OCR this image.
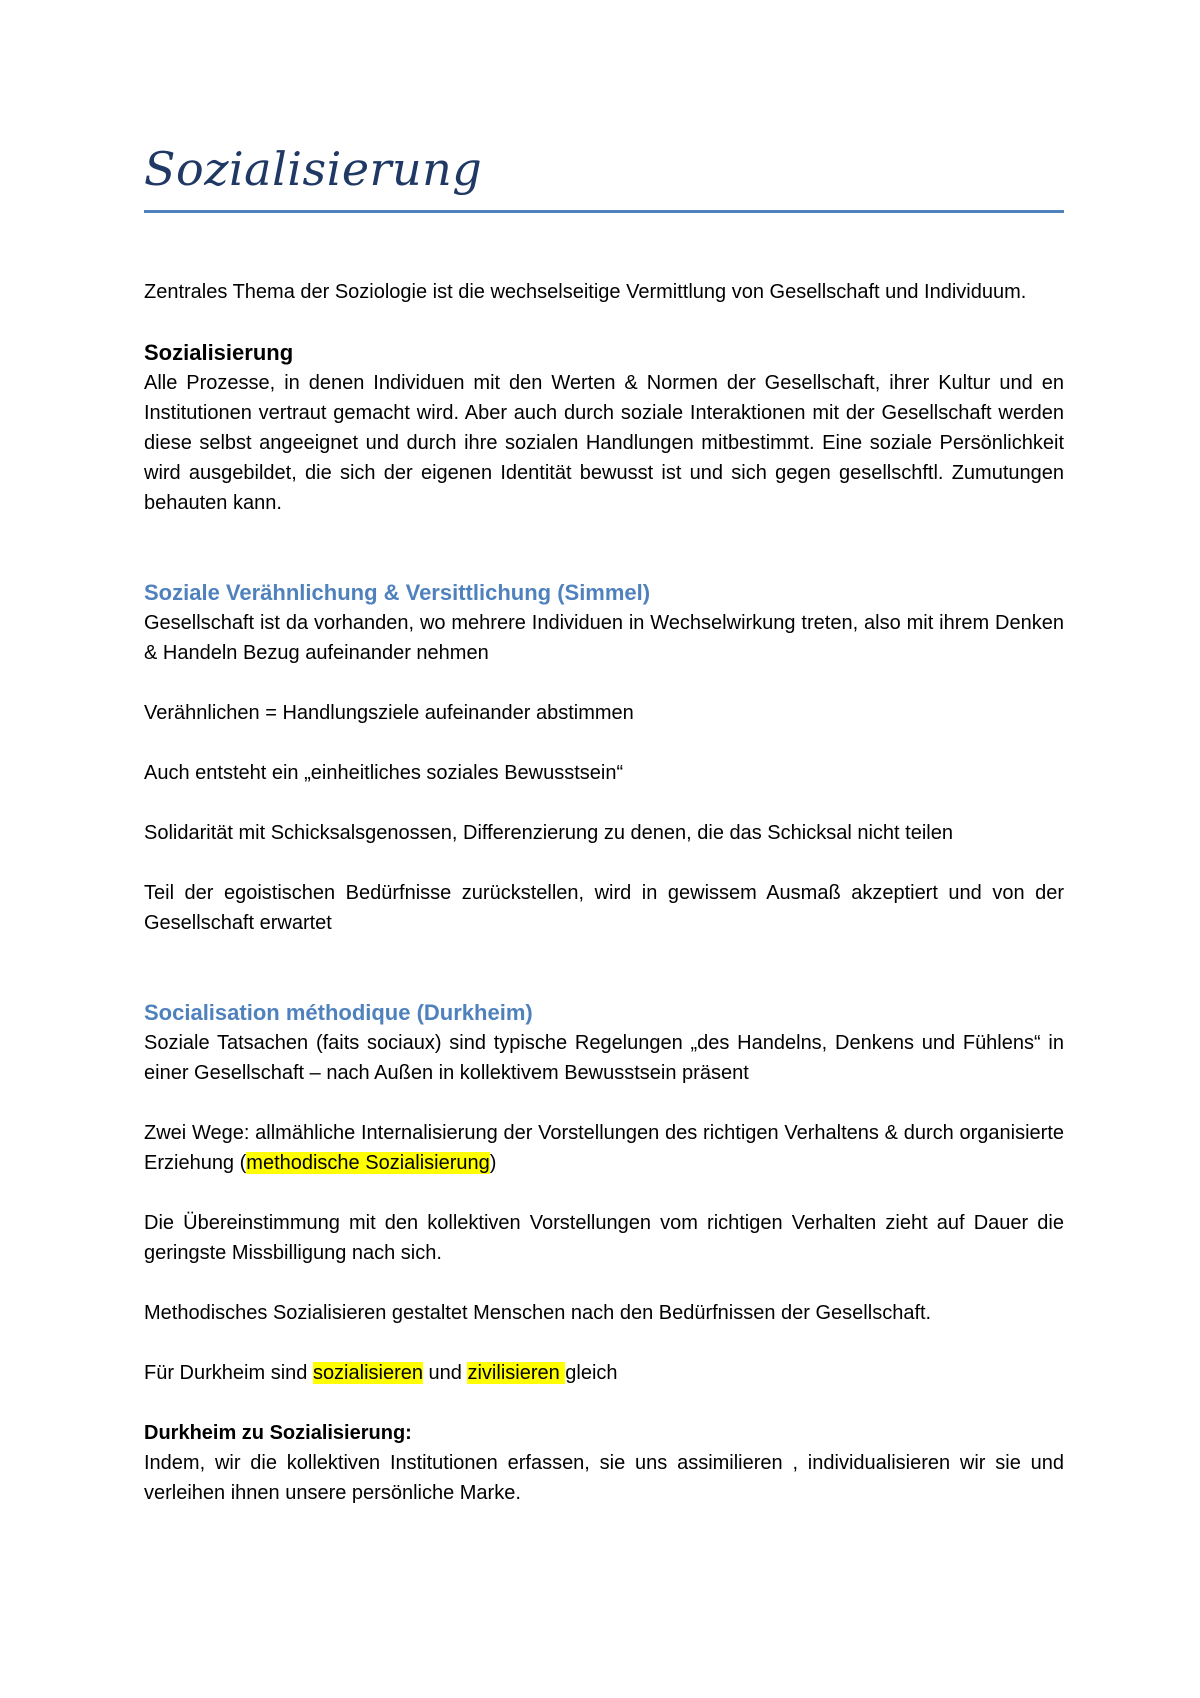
Sozialisierung

Zentrales Thema der Soziologie ist die wechselseitige Vermittlung von Gesellschaft und Individuum.

Sozialisierung

Alle Prozesse, in denen Individuen mit den Werten & Normen der Gesellschaft, ihrer Kultur und en Institutionen vertraut gemacht wird. Aber auch durch soziale Interaktionen mit der Gesellschaft werden diese selbst angeeignet und durch ihre sozialen Handlungen mitbestimmt. Eine soziale Persönlichkeit wird ausgebildet, die sich der eigenen Identität bewusst ist und sich gegen gesellschftl. Zumutungen behauten kann.

Soziale Verähnlichung & Versittlichung (Simmel)

Gesellschaft ist da vorhanden, wo mehrere Individuen in Wechselwirkung treten, also mit ihrem Denken & Handeln Bezug aufeinander nehmen

Verähnlichen = Handlungsziele aufeinander abstimmen

Auch entsteht ein „einheitliches soziales Bewusstsein“

Solidarität mit Schicksalsgenossen, Differenzierung zu denen, die das Schicksal nicht teilen

Teil der egoistischen Bedürfnisse zurückstellen, wird in gewissem Ausmaß akzeptiert und von der Gesellschaft erwartet

Socialisation méthodique (Durkheim)

Soziale Tatsachen (faits sociaux) sind typische Regelungen „des Handelns, Denkens und Fühlens“ in einer Gesellschaft – nach Außen in kollektivem Bewusstsein präsent

Zwei Wege: allmähliche Internalisierung der Vorstellungen des richtigen Verhaltens & durch organisierte Erziehung (methodische Sozialisierung)

Die Übereinstimmung mit den kollektiven Vorstellungen vom richtigen Verhalten zieht auf Dauer die geringste Missbilligung nach sich.

Methodisches Sozialisieren gestaltet Menschen nach den Bedürfnissen der Gesellschaft.

Für Durkheim sind sozialisieren und zivilisieren gleich

Durkheim zu Sozialisierung:

Indem, wir die kollektiven Institutionen erfassen, sie uns assimilieren , individualisieren wir sie und verleihen ihnen unsere persönliche Marke.
